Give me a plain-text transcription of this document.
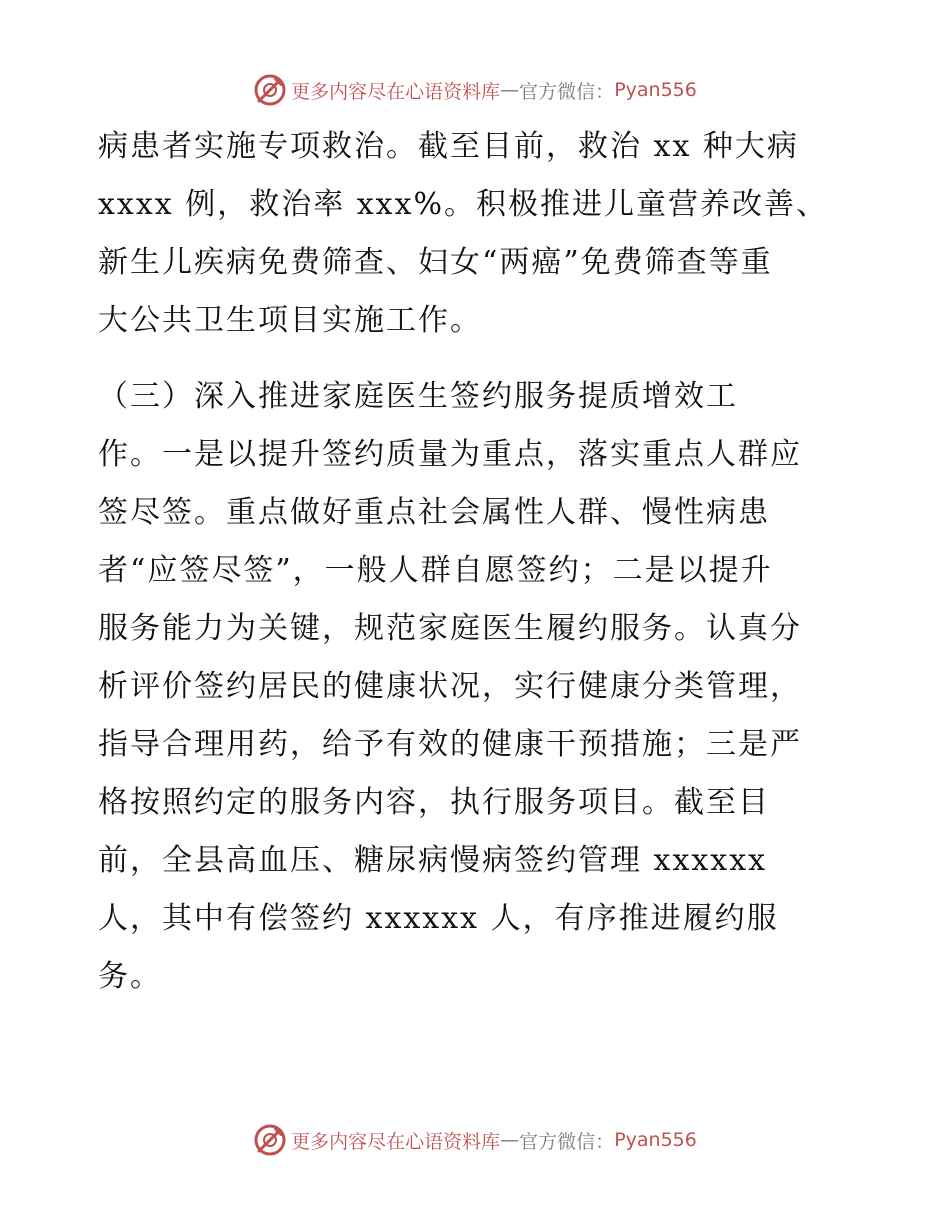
更多内容尽在心语资料库 — 官方微信： Pyan556
病患者实施专项救治。截至目前，救治 xx 种大病
xxxx 例，救治率 xxx%。积极推进儿童营养改善、
新生儿疾病免费筛查、妇女“两癌”免费筛查等重
大公共卫生项目实施工作。
（三）深入推进家庭医生签约服务提质增效工
作。一是以提升签约质量为重点，落实重点人群应
签尽签。重点做好重点社会属性人群、慢性病患
者“应签尽签”，一般人群自愿签约；二是以提升
服务能力为关键，规范家庭医生履约服务。认真分
析评价签约居民的健康状况，实行健康分类管理，
指导合理用药，给予有效的健康干预措施；三是严
格按照约定的服务内容，执行服务项目。截至目
前，全县高血压、糖尿病慢病签约管理 xxxxxx
人，其中有偿签约 xxxxxx 人，有序推进履约服
务。
更多内容尽在心语资料库 — 官方微信： Pyan556
